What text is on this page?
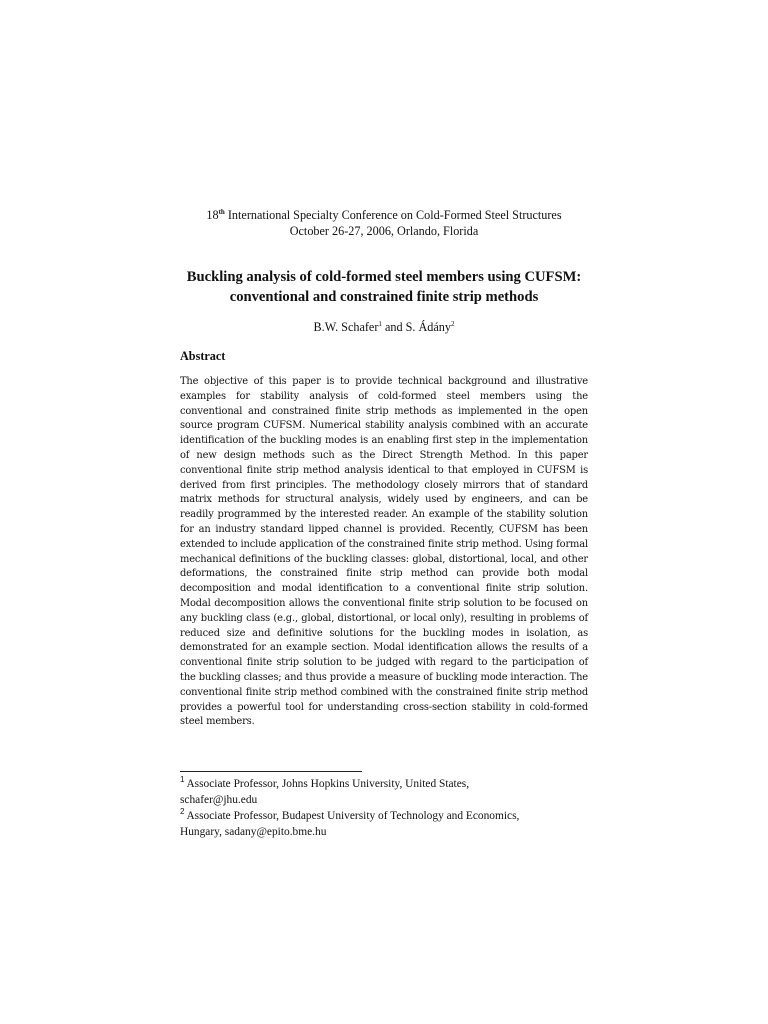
18th International Specialty Conference on Cold-Formed Steel Structures
October 26-27, 2006, Orlando, Florida
Buckling analysis of cold-formed steel members using CUFSM:
conventional and constrained finite strip methods
B.W. Schafer$^1$ and S. Ádány$^2$
Abstract
The objective of this paper is to provide technical background and illustrative examples for stability analysis of cold-formed steel members using the conventional and constrained finite strip methods as implemented in the open source program CUFSM. Numerical stability analysis combined with an accurate identification of the buckling modes is an enabling first step in the implementation of new design methods such as the Direct Strength Method. In this paper conventional finite strip method analysis identical to that employed in CUFSM is derived from first principles. The methodology closely mirrors that of standard matrix methods for structural analysis, widely used by engineers, and can be readily programmed by the interested reader. An example of the stability solution for an industry standard lipped channel is provided. Recently, CUFSM has been extended to include application of the constrained finite strip method. Using formal mechanical definitions of the buckling classes: global, distortional, local, and other deformations, the constrained finite strip method can provide both modal decomposition and modal identification to a conventional finite strip solution. Modal decomposition allows the conventional finite strip solution to be focused on any buckling class (e.g., global, distortional, or local only), resulting in problems of reduced size and definitive solutions for the buckling modes in isolation, as demonstrated for an example section. Modal identification allows the results of a conventional finite strip solution to be judged with regard to the participation of the buckling classes; and thus provide a measure of buckling mode interaction. The conventional finite strip method combined with the constrained finite strip method provides a powerful tool for understanding cross-section stability in cold-formed steel members.
$^1$ Associate Professor, Johns Hopkins University, United States,
schafer@jhu.edu
$^2$ Associate Professor, Budapest University of Technology and Economics,
Hungary, sadany@epito.bme.hu
